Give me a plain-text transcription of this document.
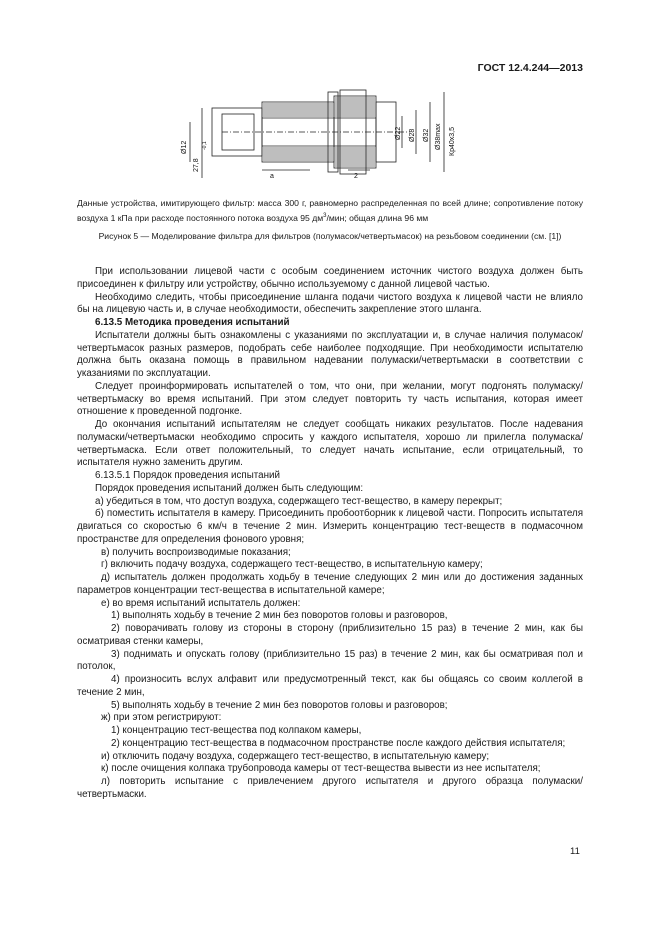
ГОСТ 12.4.244—2013
Ø12
27,8
-0,1
a	2
Ø22 Ø28 Ø32 Ø38max Кр40х3,5
Данные устройства, имитирующего фильтр: масса 300 г, равномерно распределенная по всей длине; сопротивление потоку воздуха 1 кПа при расходе постоянного потока воздуха 95 $дм^3$/мин; общая длина 96 мм
Рисунок 5 — Моделирование фильтра для фильтров (полумасок/четвертьмасок) на резьбовом соединении (см. [1])

При использовании лицевой части с особым соединением источник чистого воздуха должен быть присоединен к фильтру или устройству, обычно используемому с данной лицевой частью.

Необходимо следить, чтобы присоединение шланга подачи чистого воздуха к лицевой части не влияло бы на лицевую часть и, в случае необходимости, обеспечить закрепление этого шланга.

6.13.5 Методика проведения испытаний

Испытатели должны быть ознакомлены с указаниями по эксплуатации и, в случае наличия полумасок/четвертьмасок разных размеров, подобрать себе наиболее подходящие. При необходимости испытателю должна быть оказана помощь в правильном надевании полумаски/четвертьмаски в соответствии с указаниями по эксплуатации.

Следует проинформировать испытателей о том, что они, при желании, могут подгонять полумаску/четвертьмаску во время испытаний. При этом следует повторить ту часть испытания, которая имеет отношение к проведенной подгонке.

До окончания испытаний испытателям не следует сообщать никаких результатов. После надевания полумаски/четвертьмаски необходимо спросить у каждого испытателя, хорошо ли прилегла полумаска/четвертьмаска. Если ответ положительный, то следует начать испытание, если отрицательный, то испытателя нужно заменить другим.

6.13.5.1 Порядок проведения испытаний

Порядок проведения испытаний должен быть следующим:

а) убедиться в том, что доступ воздуха, содержащего тест-вещество, в камеру перекрыт;

б) поместить испытателя в камеру. Присоединить пробоотборник к лицевой части. Попросить испытателя двигаться со скоростью 6 км/ч в течение 2 мин. Измерить концентрацию тест-веществ в подмасочном пространстве для определения фонового уровня;

в) получить воспроизводимые показания;

г) включить подачу воздуха, содержащего тест-вещество, в испытательную камеру;

д) испытатель должен продолжать ходьбу в течение следующих 2 мин или до достижения заданных параметров концентрации тест-вещества в испытательной камере;

е) во время испытаний испытатель должен:

1) выполнять ходьбу в течение 2 мин без поворотов головы и разговоров,

2) поворачивать голову из стороны в сторону (приблизительно 15 раз) в течение 2 мин, как бы осматривая стенки камеры,

3) поднимать и опускать голову (приблизительно 15 раз) в течение 2 мин, как бы осматривая пол и потолок,

4) произносить вслух алфавит или предусмотренный текст, как бы общаясь со своим коллегой в течение 2 мин,

5) выполнять ходьбу в течение 2 мин без поворотов головы и разговоров;

ж) при этом регистрируют:

1) концентрацию тест-вещества под колпаком камеры,

2) концентрацию тест-вещества в подмасочном пространстве после каждого действия испытателя;

и) отключить подачу воздуха, содержащего тест-вещество, в испытательную камеру;

к) после очищения колпака трубопровода камеры от тест-вещества вывести из нее испытателя;

л) повторить испытание с привлечением другого испытателя и другого образца полумаски/четвертьмаски.

11
